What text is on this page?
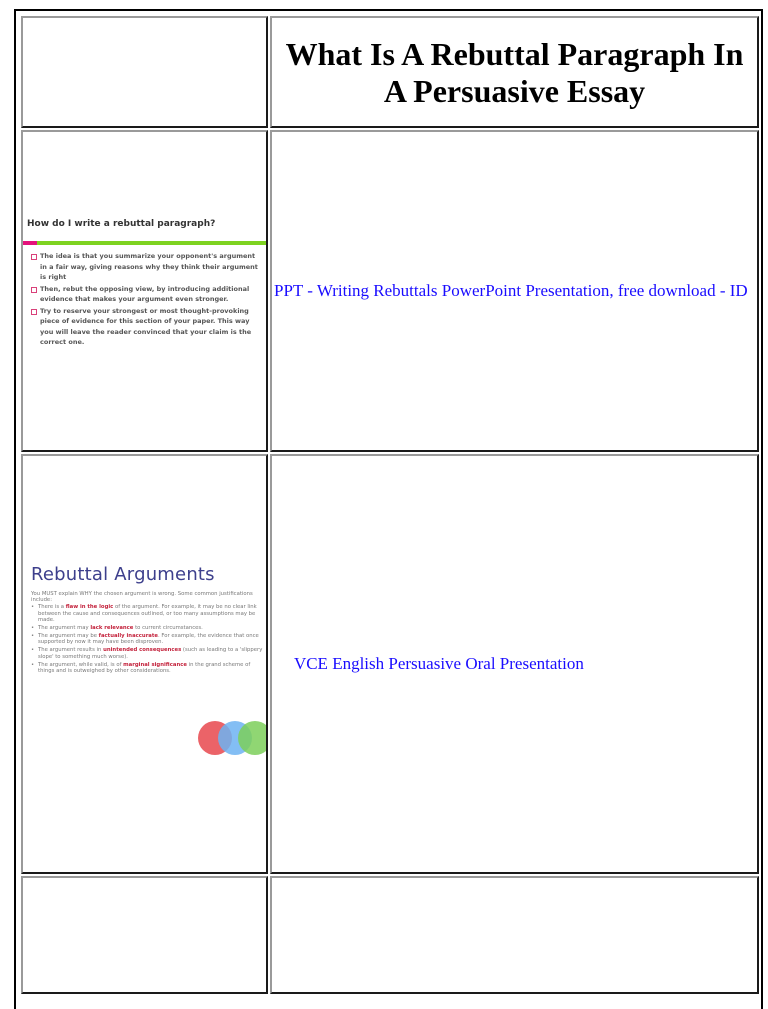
What Is A Rebuttal Paragraph In A Persuasive Essay

How do I write a rebuttal paragraph?
The idea is that you summarize your opponent's argument in a fair way, giving reasons why they think their argument is right
Then, rebut the opposing view, by introducing additional evidence that makes your argument even stronger.
Try to reserve your strongest or most thought-provoking piece of evidence for this section of your paper. This way you will leave the reader convinced that your claim is the correct one.
	PPT - Writing Rebuttals PowerPoint Presentation, free download - ID

Rebuttal Arguments
You MUST explain WHY the chosen argument is wrong. Some common justifications include:
• There is a flaw in the logic of the argument. For example, it may be no clear link between the cause and consequences outlined, or too many assumptions may be made.
• The argument may lack relevance to current circumstances.
• The argument may be factually inaccurate. For example, the evidence that once supported by now it may have been disproven.
• The argument results in unintended consequences (such as leading to a 'slippery slope' to something much worse).
• The argument, while valid, is of marginal significance in the grand scheme of things and is outweighed by other considerations.	VCE English Persuasive Oral Presentation
